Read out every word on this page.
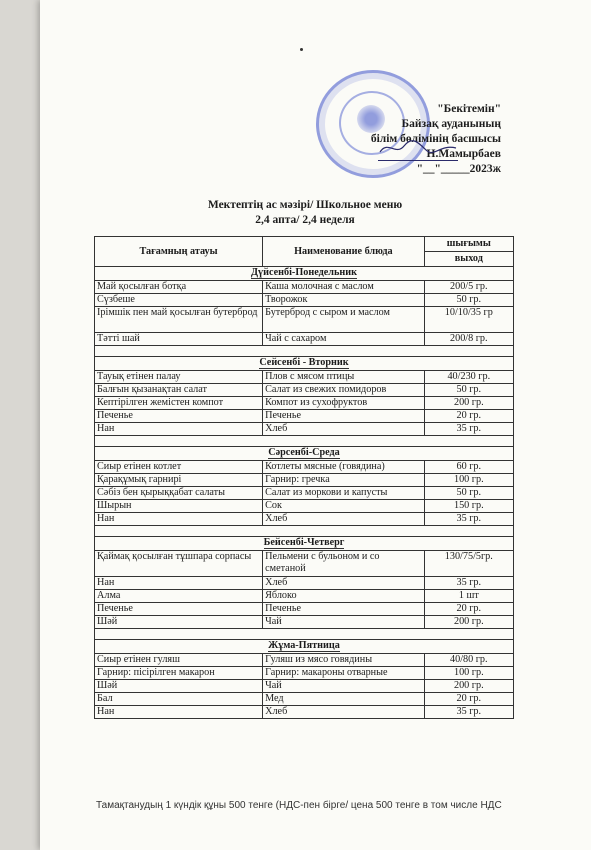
"Бекітемін"
Байзақ ауданының
білім бөлімінің басшысы
Н.Мамырбаев
"__"_____2023ж
Мектептің ас мәзірі/ Школьное меню
2,4 апта/ 2,4 неделя
Тағамның атауы	Наименование блюда	шығымы
		выход
Дүйсенбі-Понедельник		
Май қосылған ботқа	Каша молочная с маслом	200/5 гр.
Сүзбеше	Творожок	50 гр.
Ірімшік пен май қосылған бутерброд	Бутерброд с сыром и маслом	10/10/35 гр
Тәтті шай	Чай с сахаром	200/8 гр.

Сейсенбі - Вторник		
Тауық етінен палау	Плов с мясом птицы	40/230 гр.
Балғын қызанақтан салат	Салат из свежих помидоров	50 гр.
Кептірілген жемістен компот	Компот из сухофруктов	200 гр.
Печенье	Печенье	20 гр.
Нан	Хлеб	35 гр.

Сәрсенбі-Среда		
Сиыр етінен котлет	Котлеты мясные (говядина)	60 гр.
Қарақұмық гарнирі	Гарнир: гречка	100 гр.
Сәбіз бен қырыққабат салаты	Салат из моркови и капусты	50 гр.
Шырын	Сок	150 гр.
Нан	Хлеб	35 гр.

Бейсенбі-Четверг		
Қаймақ қосылған тұшпара сорпасы	Пельмени с бульоном и со сметаной	130/75/5гр.
Нан	Хлеб	35 гр.
Алма	Яблоко	1 шт
Печенье	Печенье	20 гр.
Шәй	Чай	200 гр.

Жұма-Пятница		
Сиыр етінен гуляш	Гуляш из мясо говядины	40/80 гр.
Гарнир: пісірілген макарон	Гарнир: макароны отварные	100 гр.
Шәй	Чай	200 гр.
Бал	Мед	20 гр.
Нан	Хлеб	35 гр.
Тамақтанудың 1 күндік құны 500 тенге (НДС-пен бірге/ цена 500 тенге в том числе НДС
